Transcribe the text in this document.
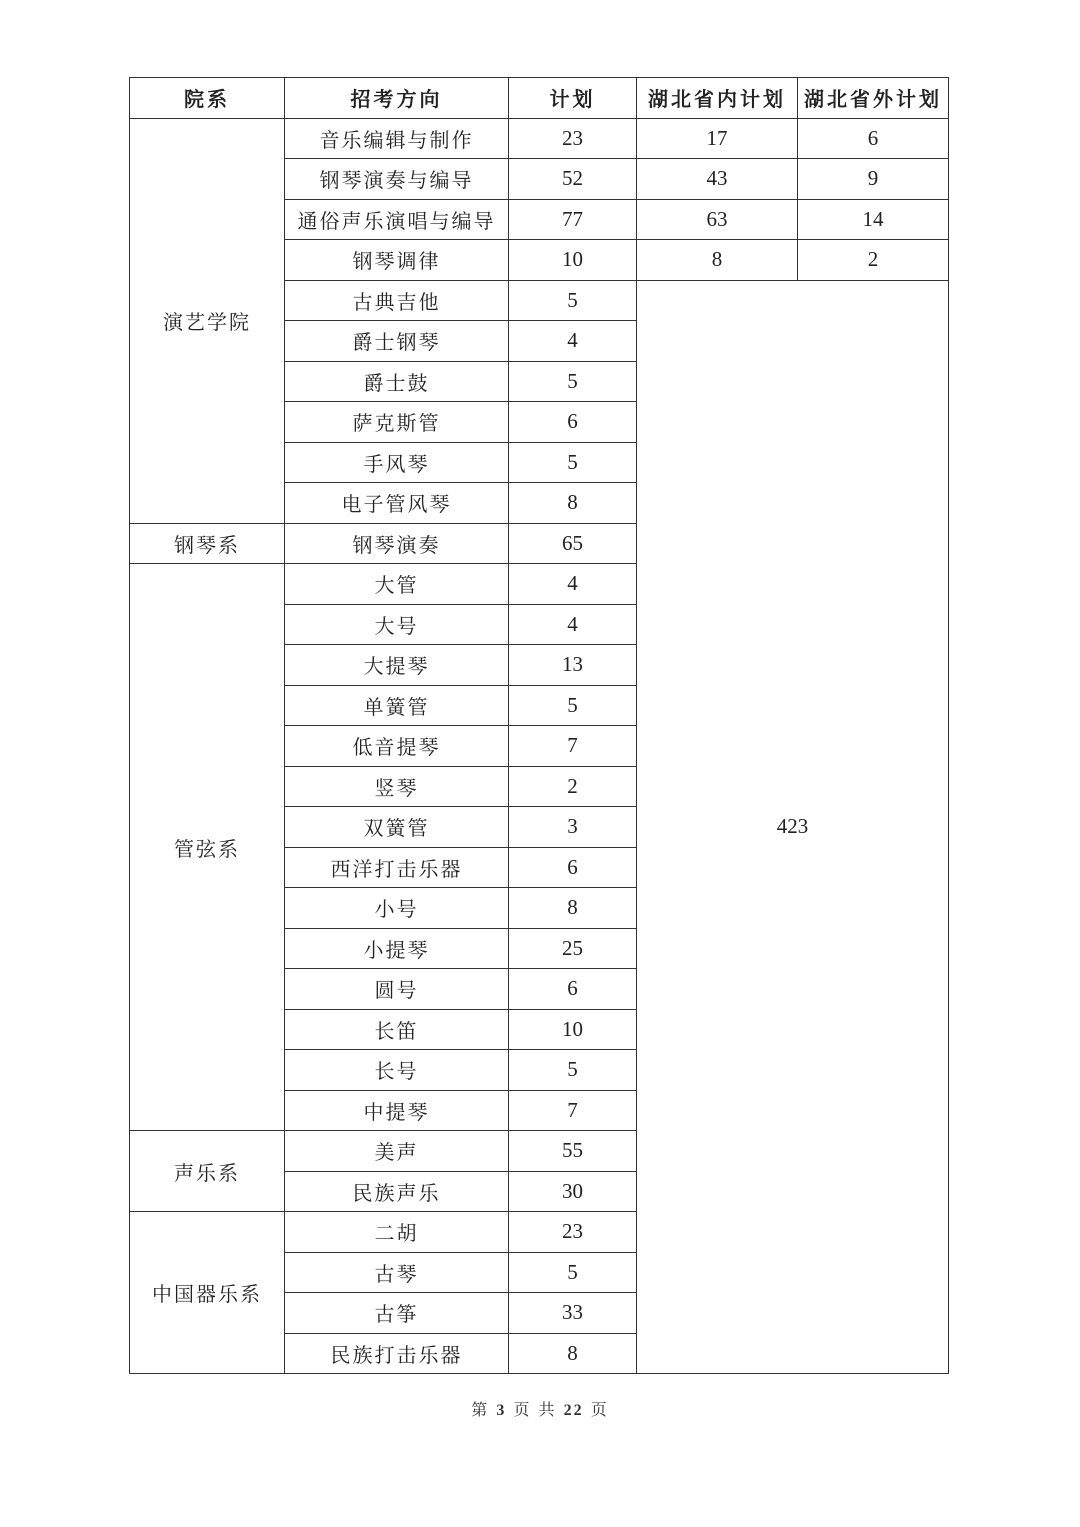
院系	招考方向	计划	湖北省内计划	湖北省外计划
演艺学院	音乐编辑与制作	23	17	6
	钢琴演奏与编导	52	43	9
	通俗声乐演唱与编导	77	63	14
	钢琴调律	10	8	2
	古典吉他	5	423	
	爵士钢琴	4		
	爵士鼓	5		
	萨克斯管	6		
	手风琴	5		
	电子管风琴	8		
钢琴系	钢琴演奏	65		
管弦系	大管	4		
	大号	4		
	大提琴	13		
	单簧管	5		
	低音提琴	7		
	竖琴	2		
	双簧管	3		
	西洋打击乐器	6		
	小号	8		
	小提琴	25		
	圆号	6		
	长笛	10		
	长号	5		
	中提琴	7		
声乐系	美声	55		
	民族声乐	30		
中国器乐系	二胡	23		
	古琴	5		
	古筝	33		
	民族打击乐器	8		
第 3 页 共 22 页
